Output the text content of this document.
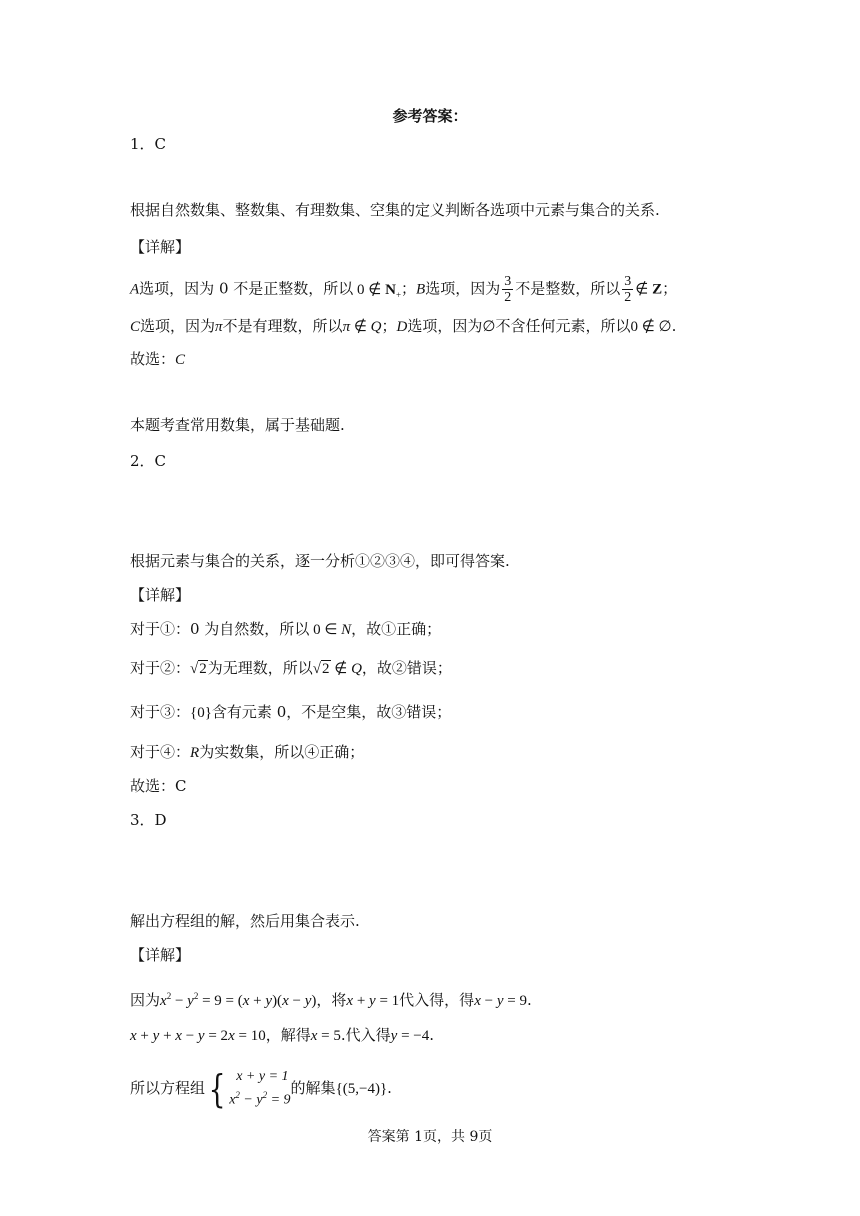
参考答案：
1．C
根据自然数集、整数集、有理数集、空集的定义判断各选项中元素与集合的关系.
【详解】
A选项，因为 0 不是正整数，所以 0 ∉ $N_+$；B选项，因为 $\frac{3}{2}$ 不是整数，所以 $\frac{3}{2}$ ∉ Z；
C选项，因为π不是有理数，所以π ∉ Q；D选项，因为∅不含任何元素，所以0 ∉ ∅.
故选：C
本题考查常用数集，属于基础题.
2．C
根据元素与集合的关系，逐一分析①②③④，即可得答案.
【详解】
对于①：0 为自然数，所以 0 ∈ N，故①正确；
对于②：√2为无理数，所以√2 ∉ Q，故②错误；
对于③：{0}含有元素 0，不是空集，故③错误；
对于④：R为实数集，所以④正确；
故选：C
3．D
解出方程组的解，然后用集合表示.
【详解】
因为$x^2 - y^2 = 9 = (x + y)(x - y)$，将x + y = 1代入得，得x − y = 9.
x + y + x − y = 2x = 10，解得x = 5.代入得y = −4.
所以方程组 { x + y = 1
$x^2 - y^2 = 9$
的解集{(5,−4)}.
答案第 1页，共 9页
